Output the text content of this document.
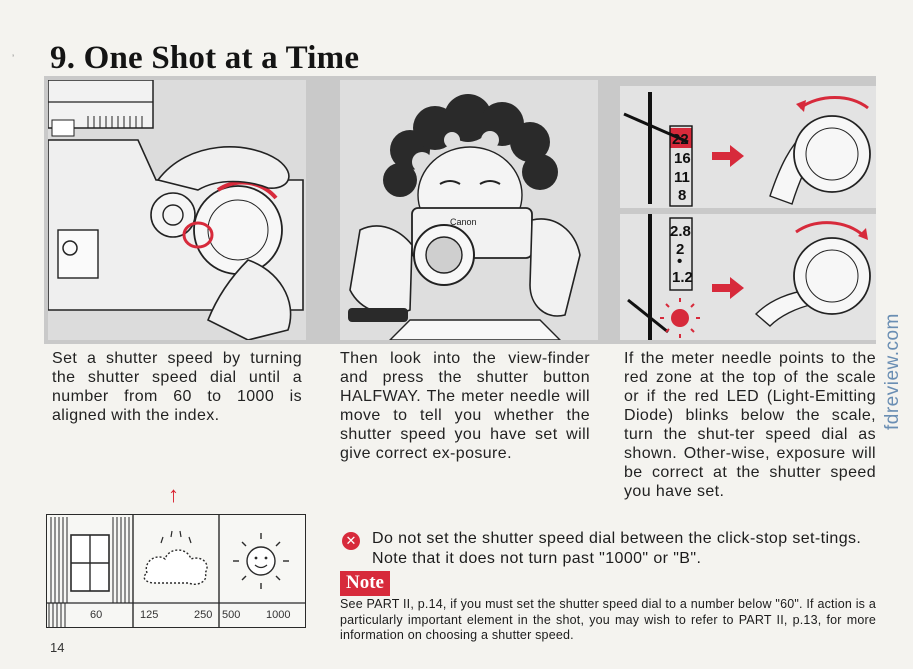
ʼ 9. One Shot at a Time
Canon
22
16
11
8
2.8
2
•
1.2

Set a shutter speed by turning the shutter speed dial until a number from 60 to 1000 is aligned with the index.

Then look into the view-finder and press the shutter button HALFWAY. The meter needle will move to tell you whether the shutter speed you have set will give correct ex-posure.

If the meter needle points to the red zone at the top of the scale or if the red LED (Light-Emitting Diode) blinks below the scale, turn the shut-ter speed dial as shown. Other-wise, exposure will be correct at the shutter speed you have set.

↑
60	125	250 500 1000
✕ Do not set the shutter speed dial between the click-stop set-tings. Note that it does not turn past "1000" or "B".
Note

See PART II, p.14, if you must set the shutter speed dial to a number below "60". If action is a particularly important element in the shot, you may wish to refer to PART II, p.13, for more information on choosing a shutter speed.

14
fdreview.com
